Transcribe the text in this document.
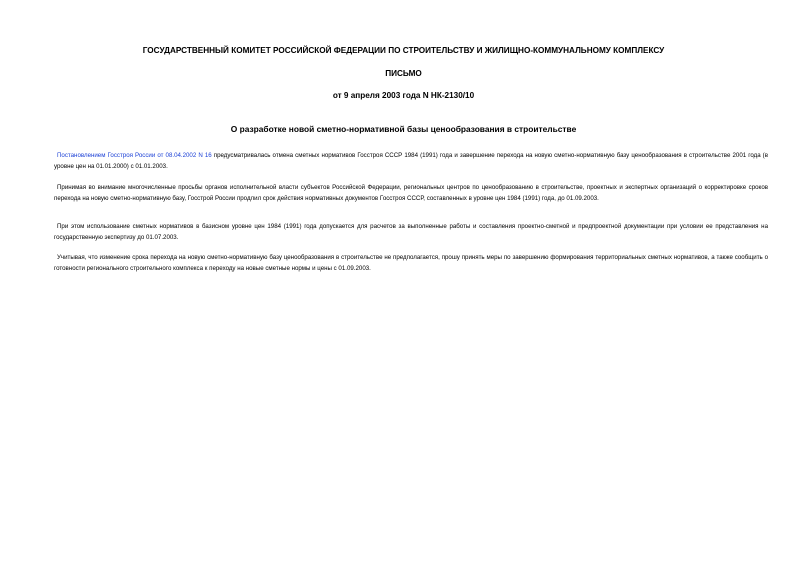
ГОСУДАРСТВЕННЫЙ КОМИТЕТ РОССИЙСКОЙ ФЕДЕРАЦИИ ПО СТРОИТЕЛЬСТВУ И ЖИЛИЩНО-КОММУНАЛЬНОМУ КОМПЛЕКСУ
ПИСЬМО
от 9 апреля 2003 года N НК-2130/10
О разработке новой сметно-нормативной базы ценообразования в строительстве

Постановлением Госстроя России от 08.04.2002 N 16 предусматривалась отмена сметных нормативов Госстроя СССР 1984 (1991) года и завершение перехода на новую сметно-нормативную базу ценообразования в строительстве 2001 года (в уровне цен на 01.01.2000) с 01.01.2003.

Принимая во внимание многочисленные просьбы органов исполнительной власти субъектов Российской Федерации, региональных центров по ценообразованию в строительстве, проектных и экспертных организаций о корректировке сроков перехода на новую сметно-нормативную базу, Госстрой России продлил срок действия нормативных документов Госстроя СССР, составленных в уровне цен 1984 (1991) года, до 01.09.2003.

При этом использование сметных нормативов в базисном уровне цен 1984 (1991) года допускается для расчетов за выполненные работы и составления проектно-сметной и предпроектной документации при условии ее представления на государственную экспертизу до 01.07.2003.

Учитывая, что изменение срока перехода на новую сметно-нормативную базу ценообразования в строительстве не предполагается, прошу принять меры по завершению формирования территориальных сметных нормативов, а также сообщить о готовности регионального строительного комплекса к переходу на новые сметные нормы и цены с 01.09.2003.
